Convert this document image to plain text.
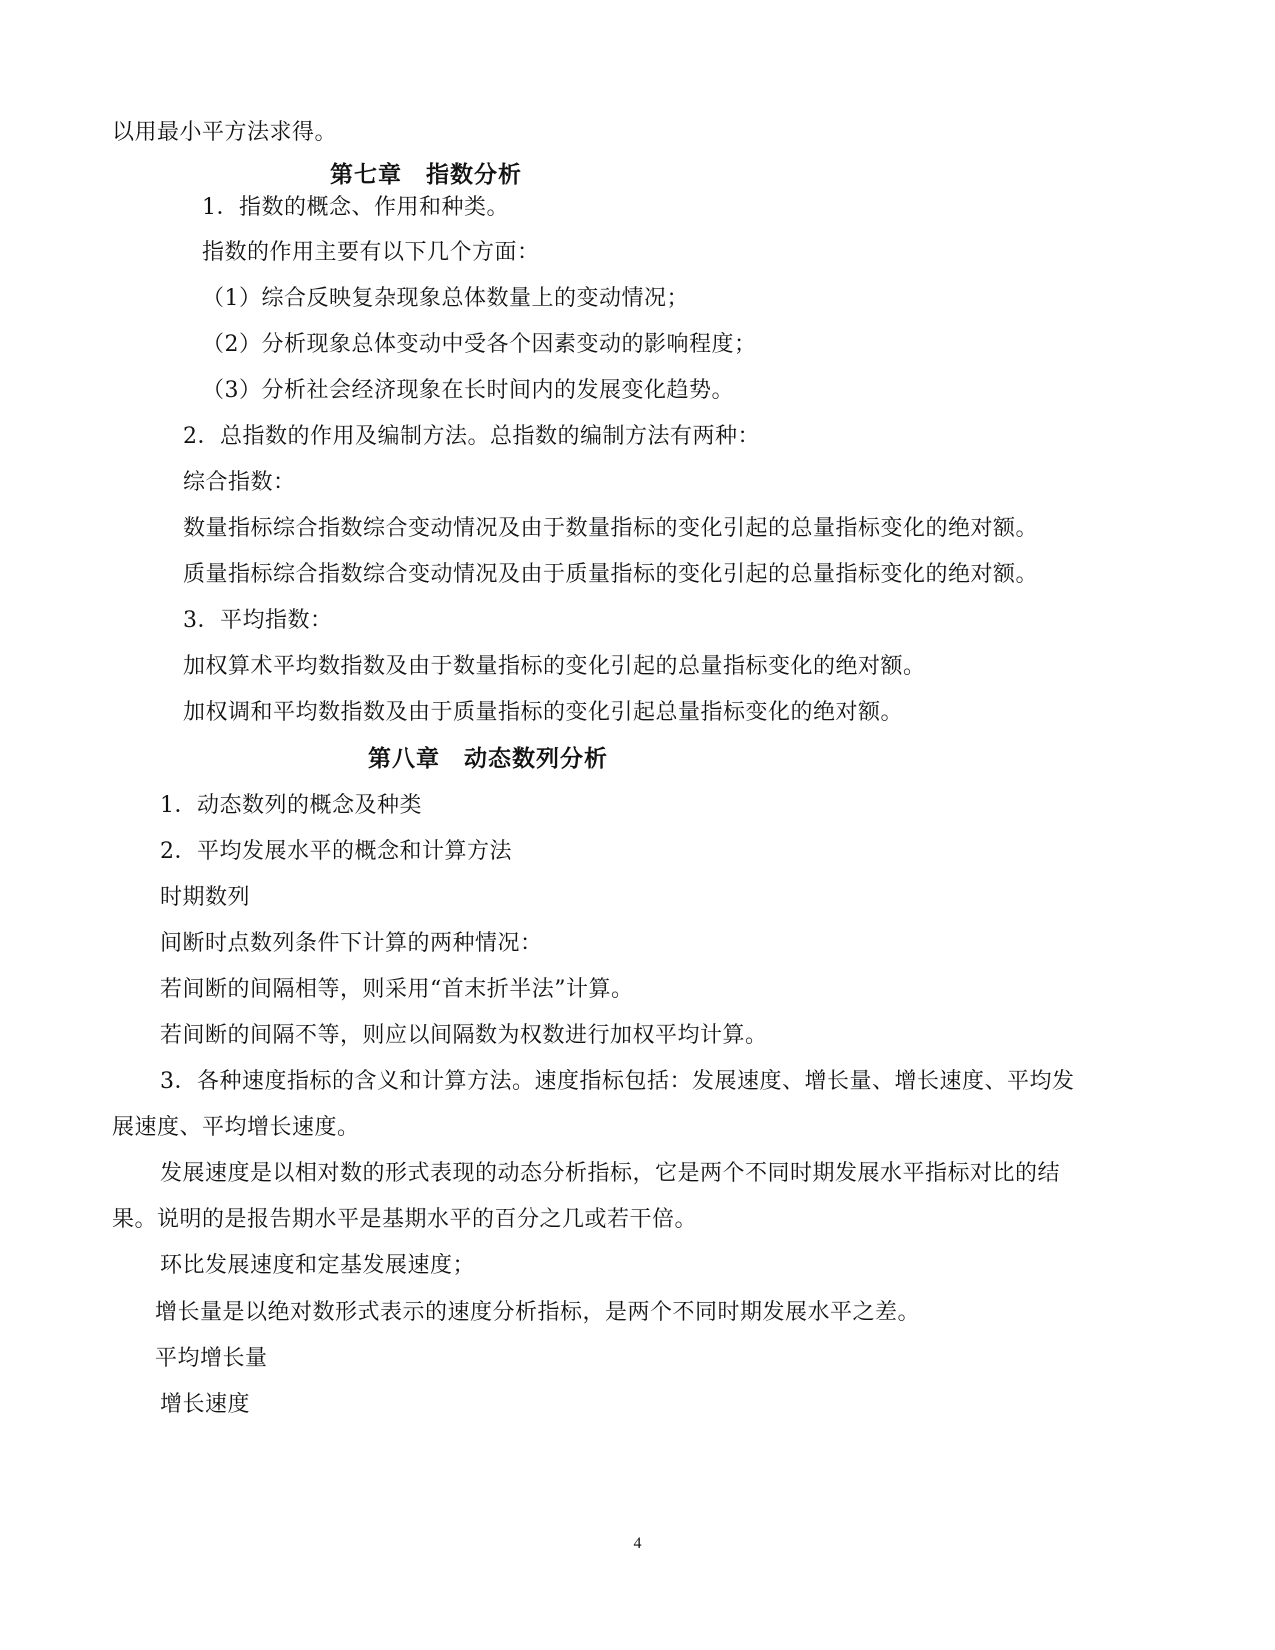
以用最小平方法求得。
第七章　指数分析
1．指数的概念、作用和种类。
指数的作用主要有以下几个方面：
（1）综合反映复杂现象总体数量上的变动情况；
（2）分析现象总体变动中受各个因素变动的影响程度；
（3）分析社会经济现象在长时间内的发展变化趋势。
2．总指数的作用及编制方法。总指数的编制方法有两种：
综合指数：
数量指标综合指数综合变动情况及由于数量指标的变化引起的总量指标变化的绝对额。
质量指标综合指数综合变动情况及由于质量指标的变化引起的总量指标变化的绝对额。
3．平均指数：
加权算术平均数指数及由于数量指标的变化引起的总量指标变化的绝对额。
加权调和平均数指数及由于质量指标的变化引起总量指标变化的绝对额。
第八章　动态数列分析
1．动态数列的概念及种类
2．平均发展水平的概念和计算方法
时期数列
间断时点数列条件下计算的两种情况：
若间断的间隔相等，则采用“首末折半法”计算。
若间断的间隔不等，则应以间隔数为权数进行加权平均计算。
3．各种速度指标的含义和计算方法。速度指标包括：发展速度、增长量、增长速度、平均发
展速度、平均增长速度。
发展速度是以相对数的形式表现的动态分析指标，它是两个不同时期发展水平指标对比的结
果。说明的是报告期水平是基期水平的百分之几或若干倍。
环比发展速度和定基发展速度；
增长量是以绝对数形式表示的速度分析指标，是两个不同时期发展水平之差。
平均增长量
增长速度
4
